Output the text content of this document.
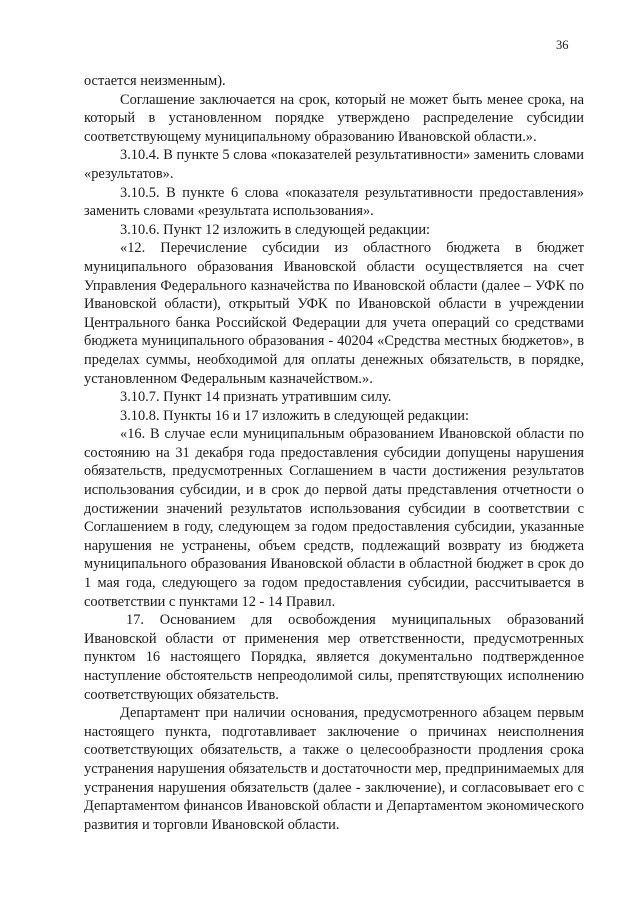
36

остается неизменным).

Соглашение заключается на срок, который не может быть менее срока, на который в установленном порядке утверждено распределение субсидии соответствующему муниципальному образованию Ивановской области.».

3.10.4. В пункте 5 слова «показателей результативности» заменить словами «результатов».

3.10.5. В пункте 6 слова «показателя результативности предоставления» заменить словами «результата использования».

3.10.6. Пункт 12 изложить в следующей редакции:

«12. Перечисление субсидии из областного бюджета в бюджет муниципального образования Ивановской области осуществляется на счет Управления Федерального казначейства по Ивановской области (далее – УФК по Ивановской области), открытый УФК по Ивановской области в учреждении Центрального банка Российской Федерации для учета операций со средствами бюджета муниципального образования - 40204 «Средства местных бюджетов», в пределах суммы, необходимой для оплаты денежных обязательств, в порядке, установленном Федеральным казначейством.».

3.10.7. Пункт 14 признать утратившим силу.

3.10.8. Пункты 16 и 17 изложить в следующей редакции:

«16. В случае если муниципальным образованием Ивановской области по состоянию на 31 декабря года предоставления субсидии допущены нарушения обязательств, предусмотренных Соглашением в части достижения результатов использования субсидии, и в срок до первой даты представления отчетности о достижении значений результатов использования субсидии в соответствии с Соглашением в году, следующем за годом предоставления субсидии, указанные нарушения не устранены, объем средств, подлежащий возврату из бюджета муниципального образования Ивановской области в областной бюджет в срок до 1 мая года, следующего за годом предоставления субсидии, рассчитывается в соответствии с пунктами 12 - 14 Правил.

17. Основанием для освобождения муниципальных образований Ивановской области от применения мер ответственности, предусмотренных пунктом 16 настоящего Порядка, является документально подтвержденное наступление обстоятельств непреодолимой силы, препятствующих исполнению соответствующих обязательств.

Департамент при наличии основания, предусмотренного абзацем первым настоящего пункта, подготавливает заключение о причинах неисполнения соответствующих обязательств, а также о целесообразности продления срока устранения нарушения обязательств и достаточности мер, предпринимаемых для устранения нарушения обязательств (далее - заключение), и согласовывает его с Департаментом финансов Ивановской области и Департаментом экономического развития и торговли Ивановской области.
